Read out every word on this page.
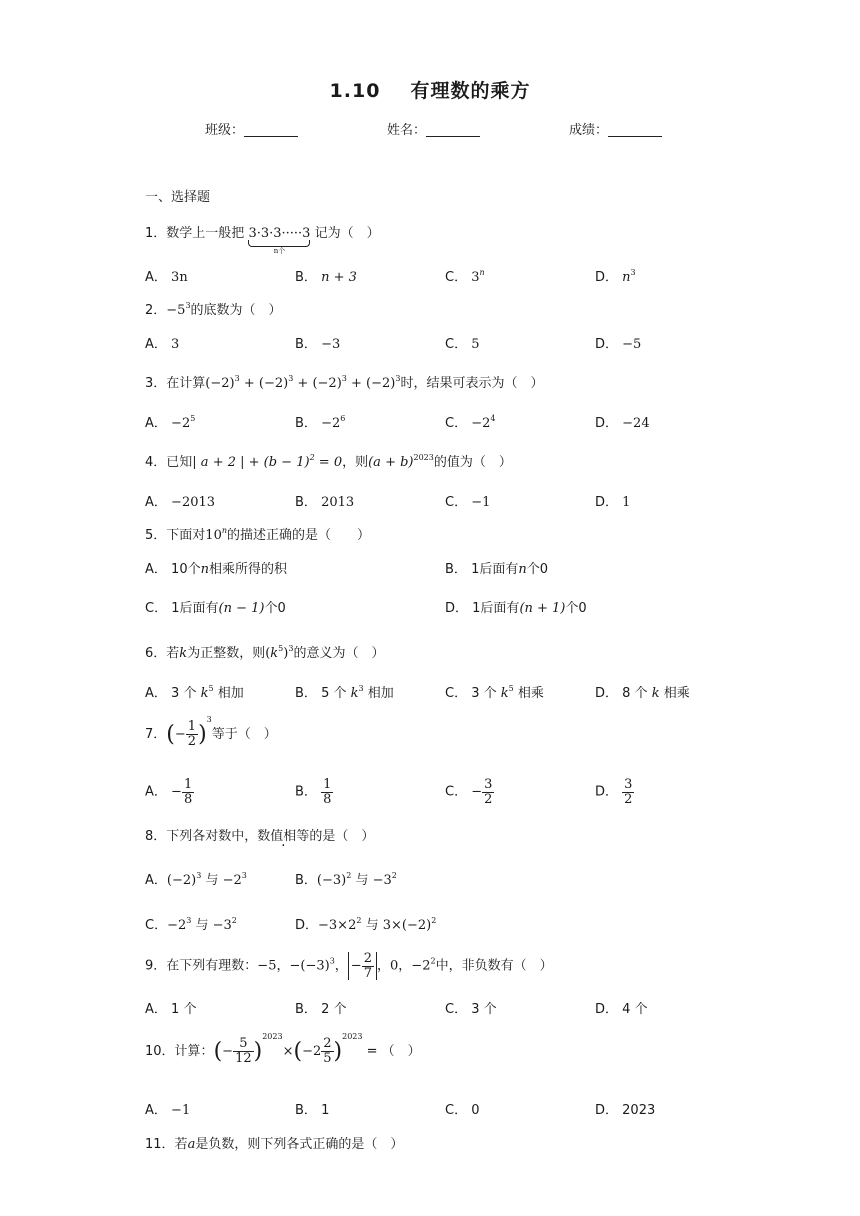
1.10 有理数的乘方
班级：	姓名：	成绩：
一、选择题
1．数学上一般把 3·3·3·····3
n个
记为（　）
A． 3n	B． n + 3	C． 3$^n$	D． $n^3$
2．$-5^3$的底数为（　）
A． 3	B． −3	C． 5	D． −5
3．在计算$(-2)^3 + (-2)^3 + (-2)^3 + (-2)^3$时，结果可表示为（　）
A． $-2^5$	B． $-2^6$	C． $-2^4$	D． −24
4．已知| a + 2 | + $(b - 1)^2 = 0$，则$(a + b)^{2023}$的值为（　）
A． −2013	B． 2013	C． −1	D． 1
5．下面对10$^n$的描述正确的是（　　）
A． 10个n相乘所得的积	B． 1后面有n个0
C． 1后面有(n − 1)个0	D． 1后面有(n + 1)个0
6．若k为正整数，则$(k^5)^3$的意义为（　）
A． 3 个 $k^5$ 相加	B． 5 个 $k^3$ 相加	C． 3 个 $k^5$ 相乘	D． 8 个 k 相乘
7．(− $\frac{1}{2} )^3$等于（　）
A． − $\frac{1}{8}$	B． $\frac{1}{8}$	C． − $\frac{3}{2}$	D． $\frac{3}{2}$
8．下列各对数中，数值相等的是（　）
A．$(-2)^3$ 与 $-2^3$	B．$(-3)^2$ 与 $-3^2$
C．$-2^3$ 与 $-3^2$	D．$-3\times 2^2$ 与 $3\times(-2)^2$
9．在下列有理数：−5，$-(-3)^3$， − $\frac{2}{7}$ ，0，$-2^2$中，非负数有（　）
A． 1 个	B． 2 个	C． 3 个	D． 4 个
10．计算：(− $\frac{5}{12} )^{2023}\times(-2 \frac{2}{5} )^{2023}$ = （　）
A． −1	B． 1	C． 0	D． 2023
11．若a是负数，则下列各式正确的是（　）
